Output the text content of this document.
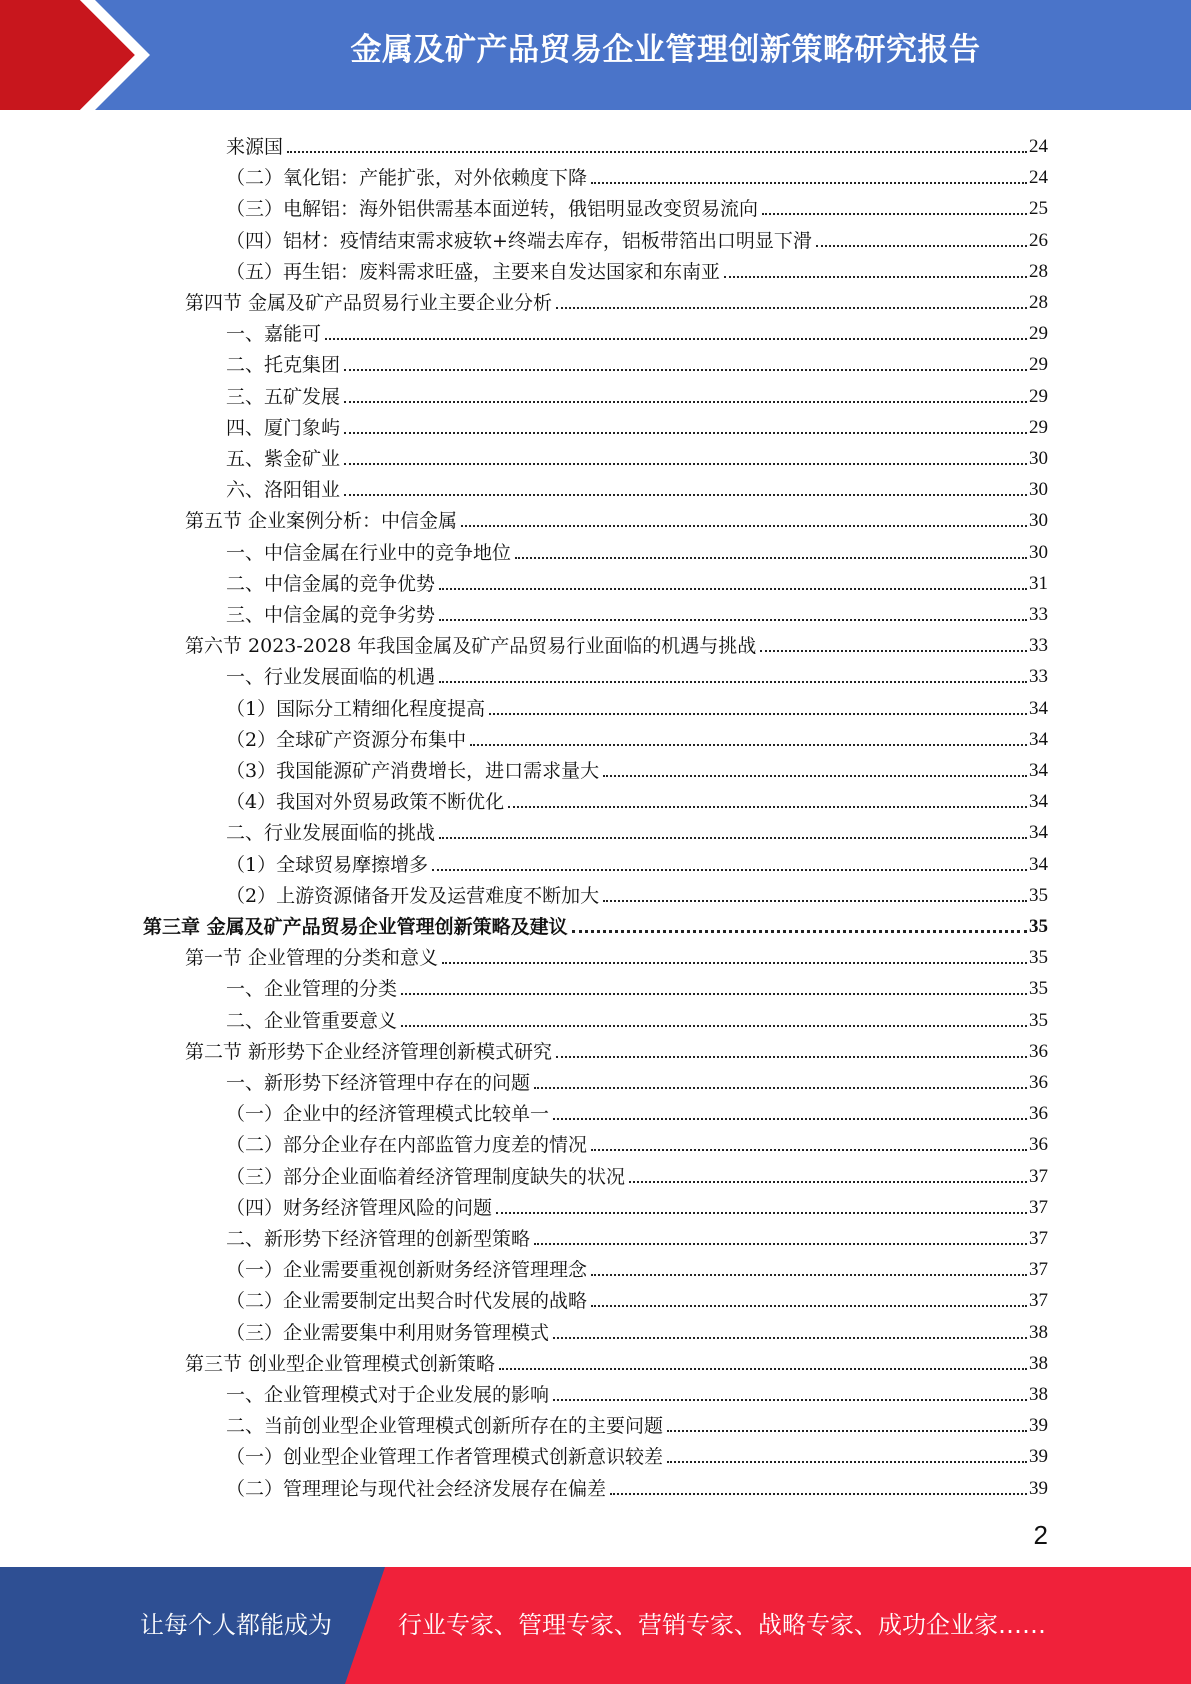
金属及矿产品贸易企业管理创新策略研究报告
来源国	24
（二）氧化铝：产能扩张，对外依赖度下降	24
（三）电解铝：海外铝供需基本面逆转，俄铝明显改变贸易流向	25
（四）铝材：疫情结束需求疲软+终端去库存，铝板带箔出口明显下滑	26
（五）再生铝：废料需求旺盛，主要来自发达国家和东南亚	28
第四节 金属及矿产品贸易行业主要企业分析	28
一、嘉能可	29
二、托克集团	29
三、五矿发展	29
四、厦门象屿	29
五、紫金矿业	30
六、洛阳钼业	30
第五节 企业案例分析：中信金属	30
一、中信金属在行业中的竞争地位	30
二、中信金属的竞争优势	31
三、中信金属的竞争劣势	33
第六节 2023-2028 年我国金属及矿产品贸易行业面临的机遇与挑战	33
一、行业发展面临的机遇	33
（1）国际分工精细化程度提高	34
（2）全球矿产资源分布集中	34
（3）我国能源矿产消费增长，进口需求量大	34
（4）我国对外贸易政策不断优化	34
二、行业发展面临的挑战	34
（1）全球贸易摩擦增多	34
（2）上游资源储备开发及运营难度不断加大	35
第三章 金属及矿产品贸易企业管理创新策略及建议	35
第一节 企业管理的分类和意义	35
一、企业管理的分类	35
二、企业管重要意义	35
第二节 新形势下企业经济管理创新模式研究	36
一、新形势下经济管理中存在的问题	36
（一）企业中的经济管理模式比较单一	36
（二）部分企业存在内部监管力度差的情况	36
（三）部分企业面临着经济管理制度缺失的状况	37
（四）财务经济管理风险的问题	37
二、新形势下经济管理的创新型策略	37
（一）企业需要重视创新财务经济管理理念	37
（二）企业需要制定出契合时代发展的战略	37
（三）企业需要集中利用财务管理模式	38
第三节 创业型企业管理模式创新策略	38
一、企业管理模式对于企业发展的影响	38
二、当前创业型企业管理模式创新所存在的主要问题	39
（一）创业型企业管理工作者管理模式创新意识较差	39
（二）管理理论与现代社会经济发展存在偏差	39
2
让每个人都能成为	行业专家、管理专家、营销专家、战略专家、成功企业家……
